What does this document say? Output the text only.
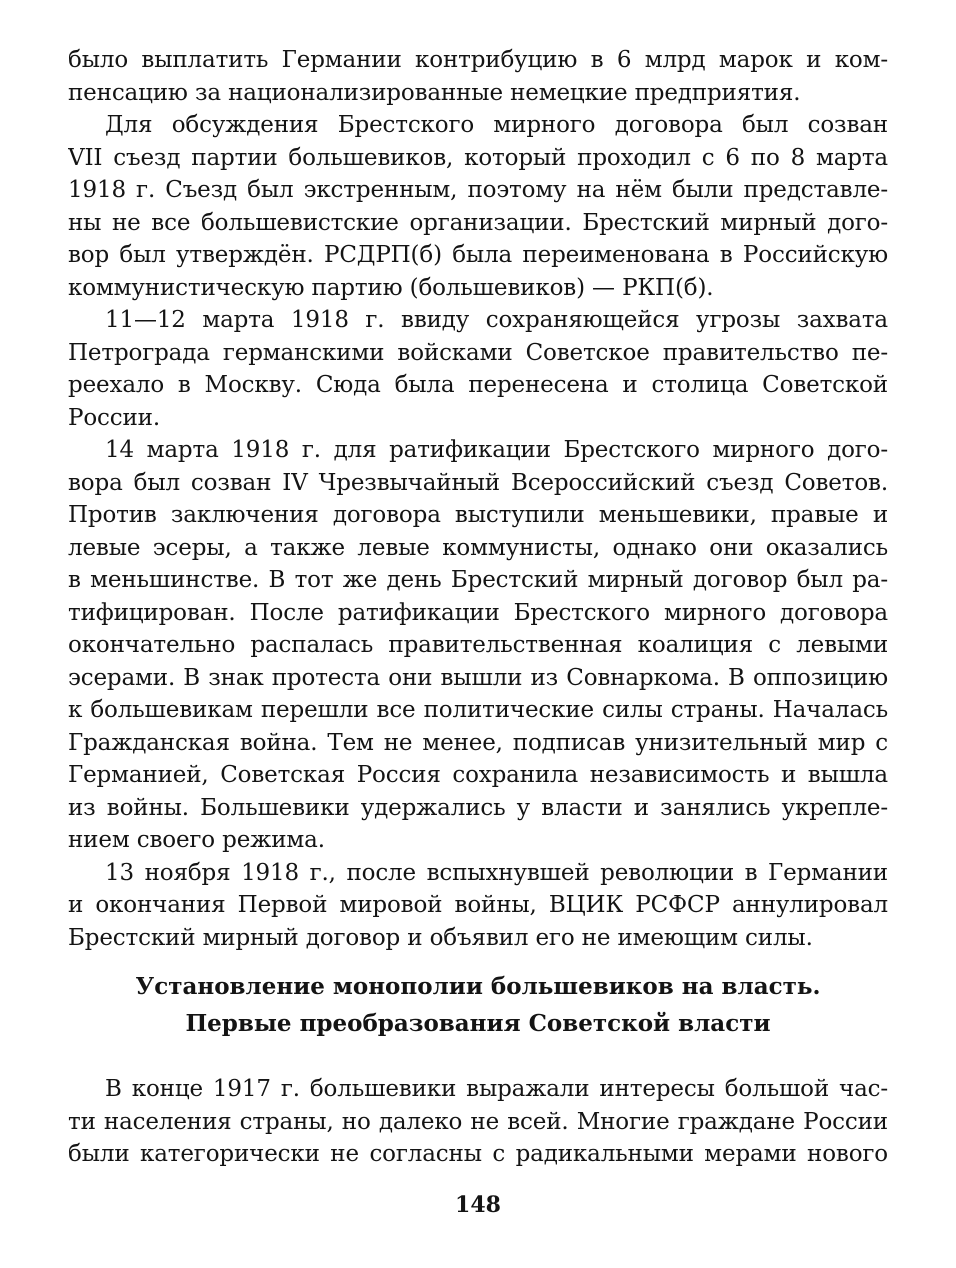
было выплатить Германии контрибуцию в 6 млрд марок и ком-
пенсацию за национализированные немецкие предприятия.
Для обсуждения Брестского мирного договора был созван
VII съезд партии большевиков, который проходил с 6 по 8 марта
1918 г. Съезд был экстренным, поэтому на нём были представле-
ны не все большевистские организации. Брестский мирный дого-
вор был утверждён. РСДРП(б) была переименована в Российскую
коммунистическую партию (большевиков) — РКП(б).
11—12 марта 1918 г. ввиду сохраняющейся угрозы захвата
Петрограда германскими войсками Советское правительство пе-
реехало в Москву. Сюда была перенесена и столица Советской
России.
14 марта 1918 г. для ратификации Брестского мирного дого-
вора был созван IV Чрезвычайный Всероссийский съезд Советов.
Против заключения договора выступили меньшевики, правые и
левые эсеры, а также левые коммунисты, однако они оказались
в меньшинстве. В тот же день Брестский мирный договор был ра-
тифицирован. После ратификации Брестского мирного договора
окончательно распалась правительственная коалиция с левыми
эсерами. В знак протеста они вышли из Совнаркома. В оппозицию
к большевикам перешли все политические силы страны. Началась
Гражданская война. Тем не менее, подписав унизительный мир с
Германией, Советская Россия сохранила независимость и вышла
из войны. Большевики удержались у власти и занялись укрепле-
нием своего режима.
13 ноября 1918 г., после вспыхнувшей революции в Германии
и окончания Первой мировой войны, ВЦИК РСФСР аннулировал
Брестский мирный договор и объявил его не имеющим силы.
Установление монополии большевиков на власть.
Первые преобразования Советской власти
В конце 1917 г. большевики выражали интересы большой час-
ти населения страны, но далеко не всей. Многие граждане России
были категорически не согласны с радикальными мерами нового
148
